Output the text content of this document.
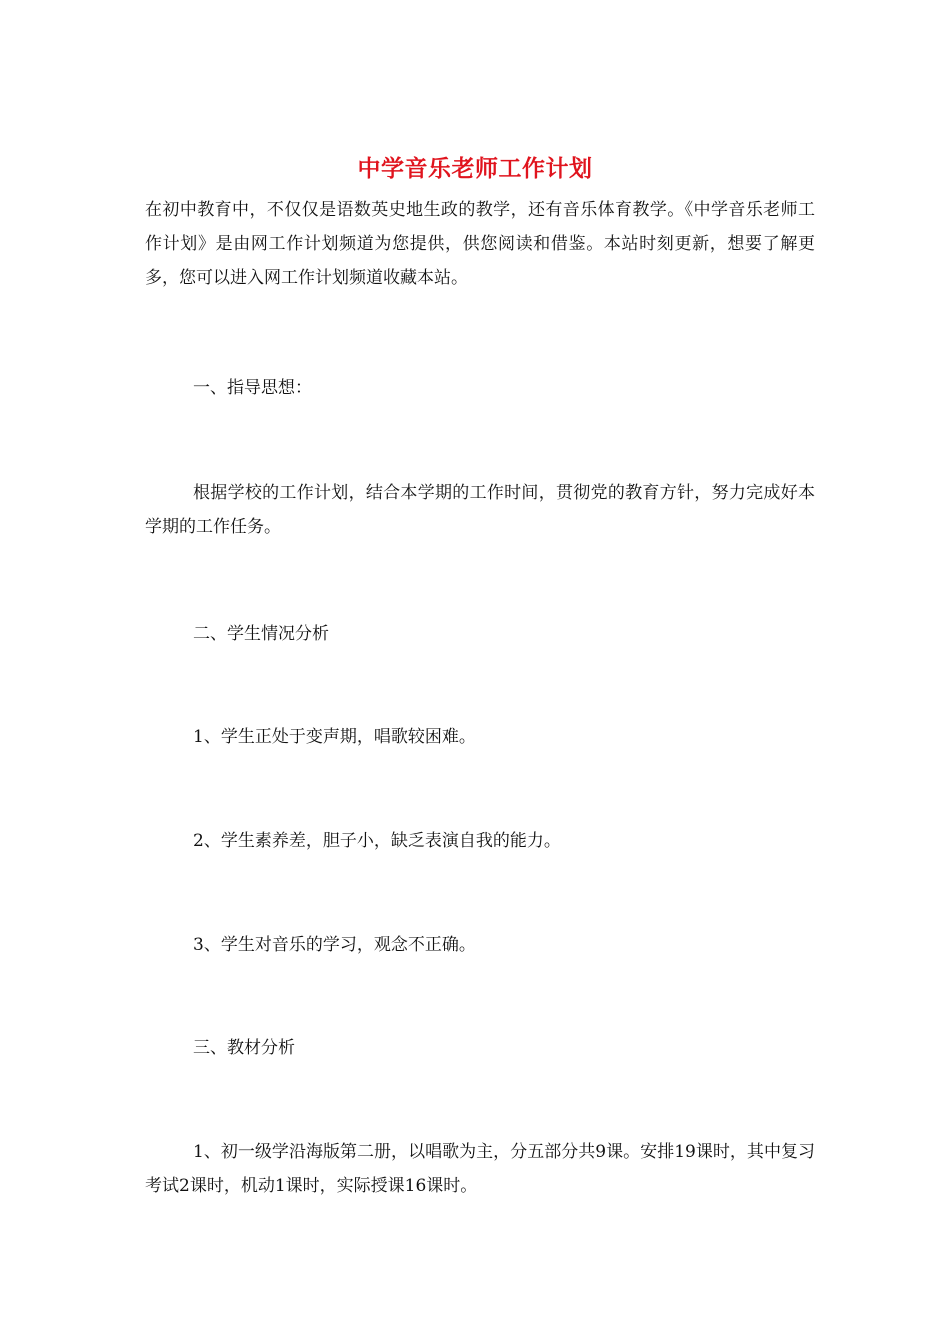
中学音乐老师工作计划
在初中教育中，不仅仅是语数英史地生政的教学，还有音乐体育教学。《中学音乐老师工作计划》是由网工作计划频道为您提供，供您阅读和借鉴。本站时刻更新，想要了解更多，您可以进入网工作计划频道收藏本站。
一、指导思想：
根据学校的工作计划，结合本学期的工作时间，贯彻党的教育方针，努力完成好本学期的工作任务。
二、学生情况分析
1、学生正处于变声期，唱歌较困难。
2、学生素养差，胆子小，缺乏表演自我的能力。
3、学生对音乐的学习，观念不正确。
三、教材分析
1、初一级学沿海版第二册，以唱歌为主，分五部分共9课。安排19课时，其中复习考试2课时，机动1课时，实际授课16课时。
